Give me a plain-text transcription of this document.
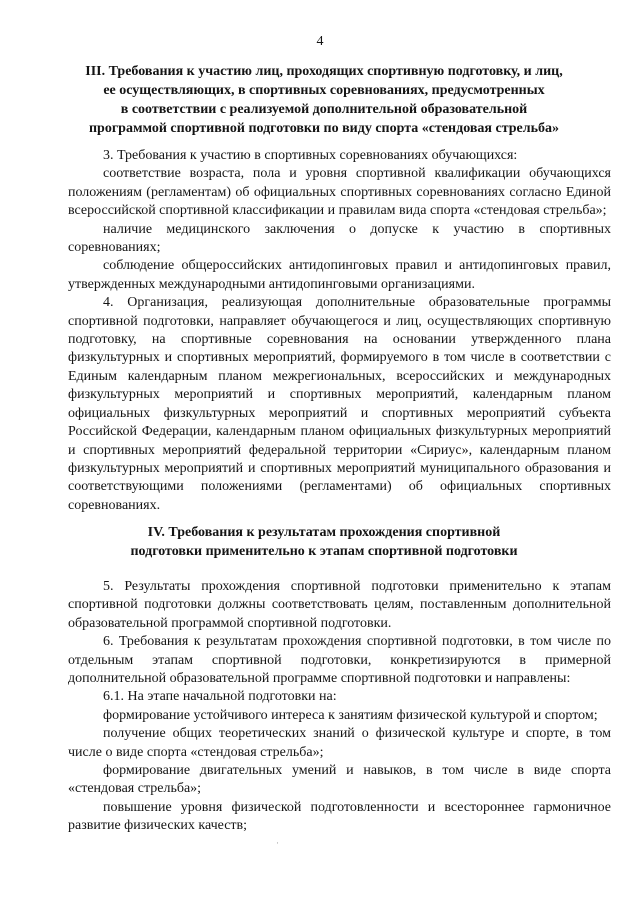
4
III. Требования к участию лиц, проходящих спортивную подготовку, и лиц,
ее осуществляющих, в спортивных соревнованиях, предусмотренных
в соответствии с реализуемой дополнительной образовательной
программой спортивной подготовки по виду спорта «стендовая стрельба»

3. Требования к участию в спортивных соревнованиях обучающихся:

соответствие возраста, пола и уровня спортивной квалификации обучающихся положениям (регламентам) об официальных спортивных соревнованиях согласно Единой всероссийской спортивной классификации и правилам вида спорта «стендовая стрельба»;

наличие медицинского заключения о допуске к участию в спортивных соревнованиях;

соблюдение общероссийских антидопинговых правил и антидопинговых правил, утвержденных международными антидопинговыми организациями.

4. Организация, реализующая дополнительные образовательные программы спортивной подготовки, направляет обучающегося и лиц, осуществляющих спортивную подготовку, на спортивные соревнования на основании утвержденного плана физкультурных и спортивных мероприятий, формируемого в том числе в соответствии с Единым календарным планом межрегиональных, всероссийских и международных физкультурных мероприятий и спортивных мероприятий, календарным планом официальных физкультурных мероприятий и спортивных мероприятий субъекта Российской Федерации, календарным планом официальных физкультурных мероприятий и спортивных мероприятий федеральной территории «Сириус», календарным планом физкультурных мероприятий и спортивных мероприятий муниципального образования и соответствующими положениями (регламентами) об официальных спортивных соревнованиях.

IV. Требования к результатам прохождения спортивной
подготовки применительно к этапам спортивной подготовки

5. Результаты прохождения спортивной подготовки применительно к этапам спортивной подготовки должны соответствовать целям, поставленным дополнительной образовательной программой спортивной подготовки.

6. Требования к результатам прохождения спортивной подготовки, в том числе по отдельным этапам спортивной подготовки, конкретизируются в примерной дополнительной образовательной программе спортивной подготовки и направлены:

6.1. На этапе начальной подготовки на:

формирование устойчивого интереса к занятиям физической культурой и спортом;

получение общих теоретических знаний о физической культуре и спорте, в том числе о виде спорта «стендовая стрельба»;

формирование двигательных умений и навыков, в том числе в виде спорта «стендовая стрельба»;

повышение уровня физической подготовленности и всестороннее гармоничное развитие физических качеств;

·
